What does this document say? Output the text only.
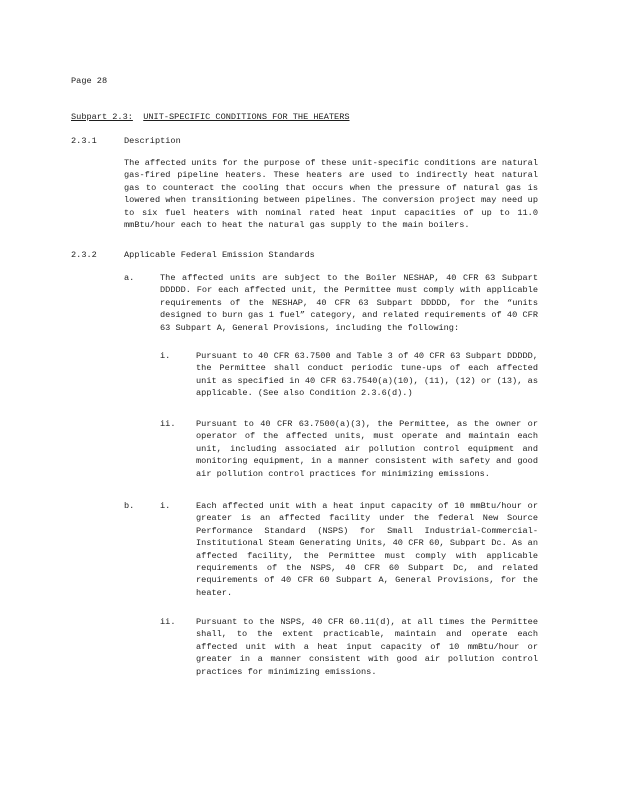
Page 28
Subpart 2.3: UNIT-SPECIFIC CONDITIONS FOR THE HEATERS
2.3.1	Description
The affected units for the purpose of these unit-specific conditions are natural gas-fired pipeline heaters. These heaters are used to indirectly heat natural gas to counteract the cooling that occurs when the pressure of natural gas is lowered when transitioning between pipelines. The conversion project may need up to six fuel heaters with nominal rated heat input capacities of up to 11.0 mmBtu/hour each to heat the natural gas supply to the main boilers.
2.3.2	Applicable Federal Emission Standards
a.	The affected units are subject to the Boiler NESHAP, 40 CFR 63 Subpart DDDDD. For each affected unit, the Permittee must comply with applicable requirements of the NESHAP, 40 CFR 63 Subpart DDDDD, for the “units designed to burn gas 1 fuel” category, and related requirements of 40 CFR 63 Subpart A, General Provisions, including the following:
i.	Pursuant to 40 CFR 63.7500 and Table 3 of 40 CFR 63 Subpart DDDDD, the Permittee shall conduct periodic tune-ups of each affected unit as specified in 40 CFR 63.7540(a)(10), (11), (12) or (13), as applicable. (See also Condition 2.3.6(d).)
ii. Pursuant to 40 CFR 63.7500(a)(3), the Permittee, as the owner or operator of the affected units, must operate and maintain each unit, including associated air pollution control equipment and monitoring equipment, in a manner consistent with safety and good air pollution control practices for minimizing emissions.
b.	i.	Each affected unit with a heat input capacity of 10 mmBtu/hour or greater is an affected facility under the federal New Source Performance Standard (NSPS) for Small Industrial-Commercial-Institutional Steam Generating Units, 40 CFR 60, Subpart Dc. As an affected facility, the Permittee must comply with applicable requirements of the NSPS, 40 CFR 60 Subpart Dc, and related requirements of 40 CFR 60 Subpart A, General Provisions, for the heater.
ii. Pursuant to the NSPS, 40 CFR 60.11(d), at all times the Permittee shall, to the extent practicable, maintain and operate each affected unit with a heat input capacity of 10 mmBtu/hour or greater in a manner consistent with good air pollution control practices for minimizing emissions.
